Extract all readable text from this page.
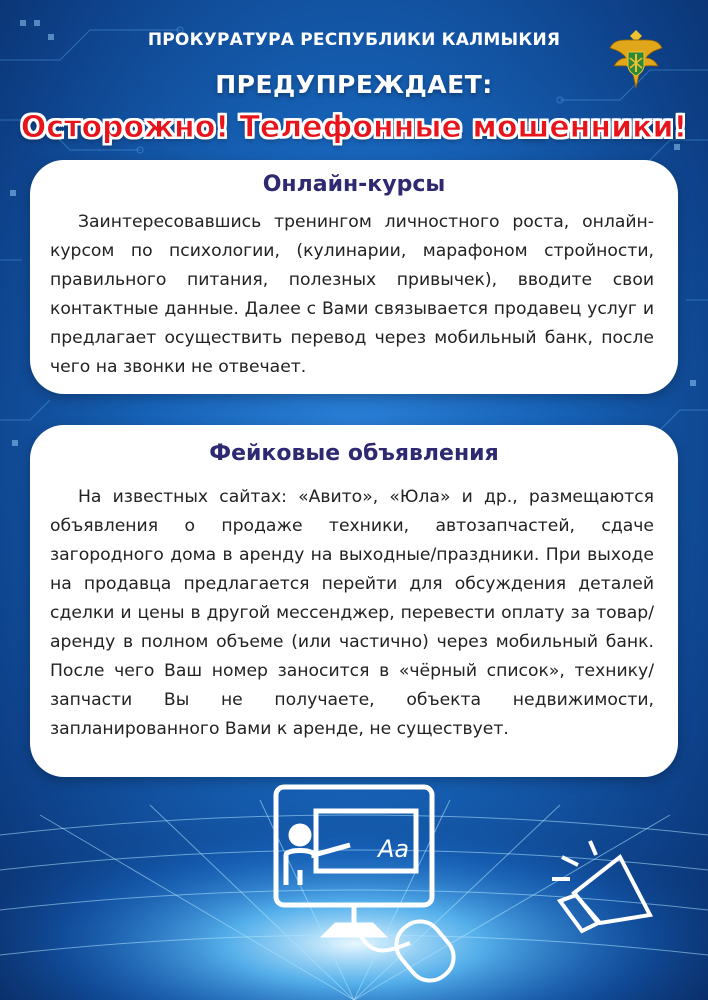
ПРОКУРАТУРА РЕСПУБЛИКИ КАЛМЫКИЯ
ПРЕДУПРЕЖДАЕТ:
Осторожно! Телефонные мошенники!
Онлайн-курсы

Заинтересовавшись тренингом личностного роста, онлайн-курсом по психологии, (кулинарии, марафоном стройности, правильного питания, полезных привычек), вводите свои контактные данные. Далее с Вами связывается продавец услуг и предлагает осуществить перевод через мобильный банк, после чего на звонки не отвечает.

Фейковые объявления

На известных сайтах: «Авито», «Юла» и др., размещаются объявления о продаже техники, автозапчастей, сдаче загородного дома в аренду на выходные/праздники. При выходе на продавца предлагается перейти для обсуждения деталей сделки и цены в другой мессенджер, перевести оплату за товар/аренду в полном объеме (или частично) через мобильный банк. После чего Ваш номер заносится в «чёрный список», технику/запчасти Вы не получаете, объекта недвижимости, запланированного Вами к аренде, не существует.

Aa
